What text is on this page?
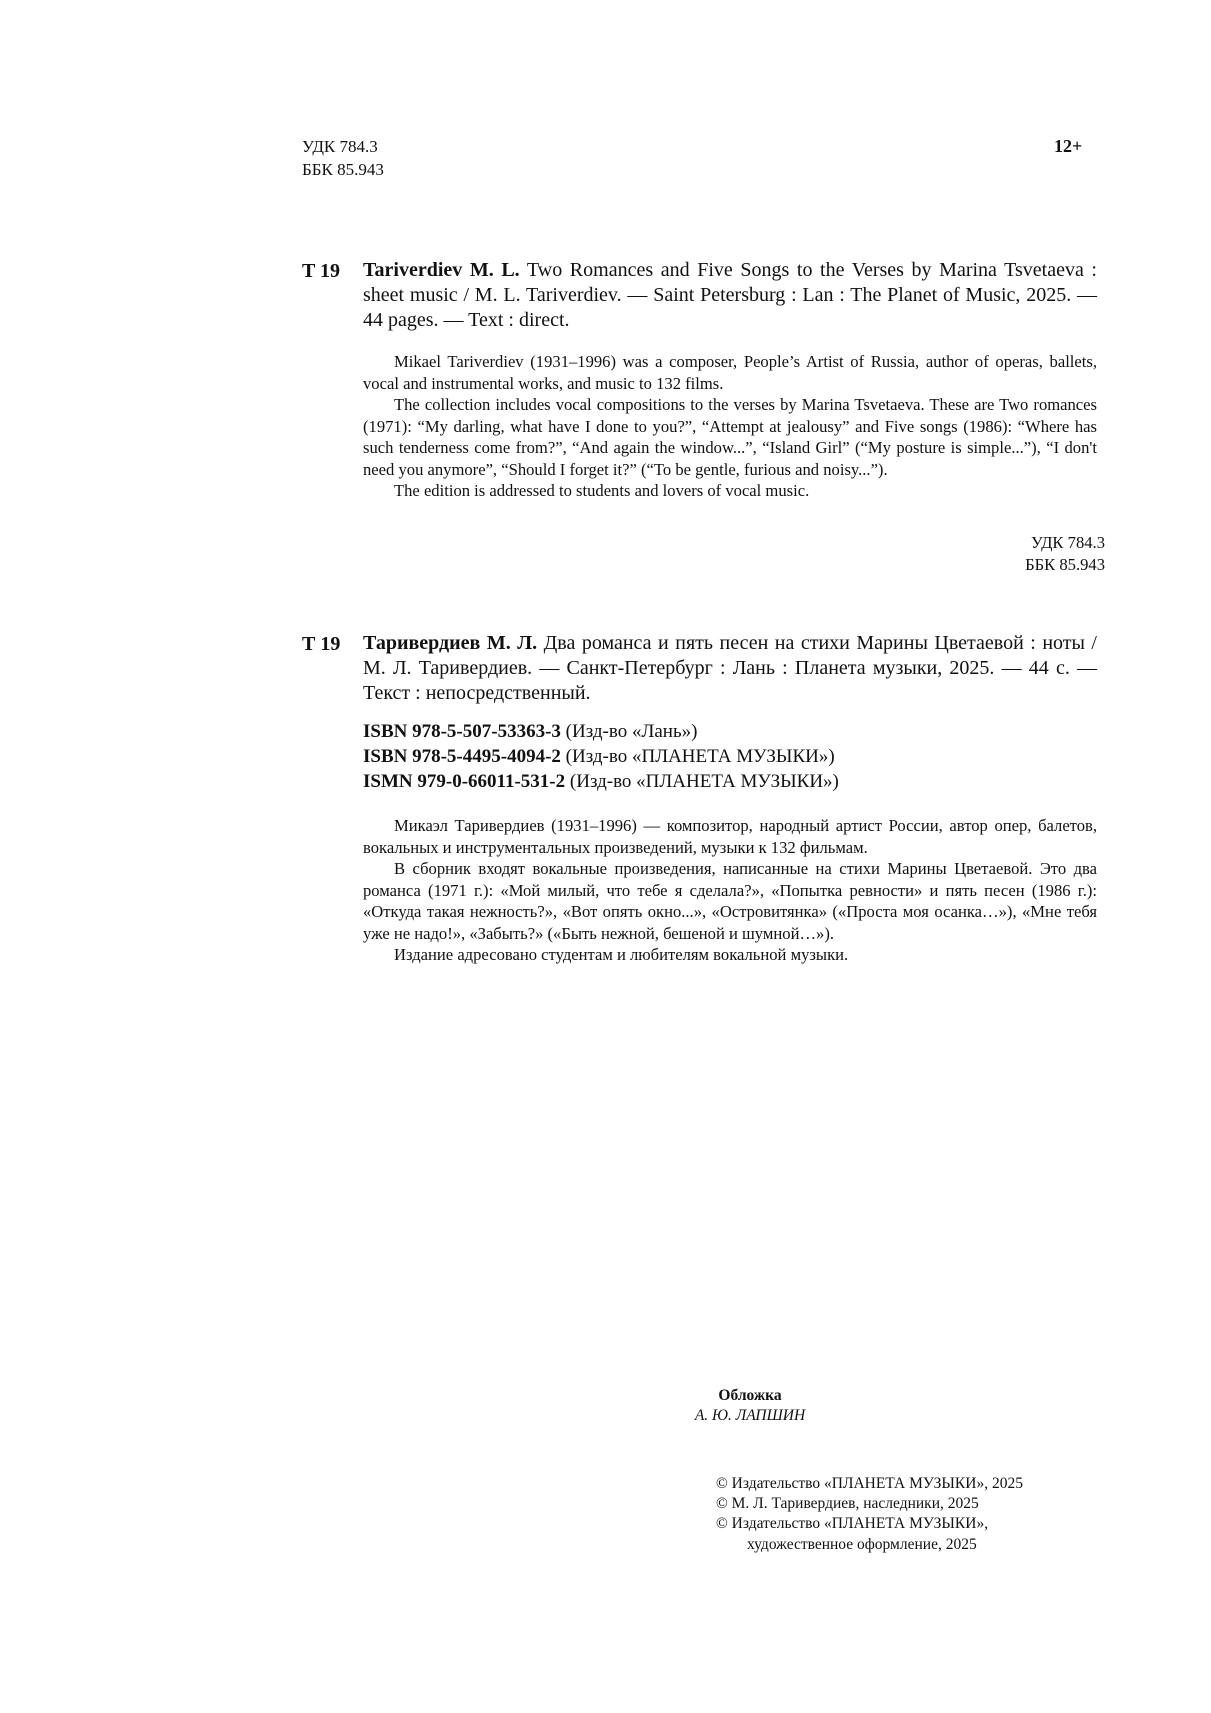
УДК 784.3
ББК 85.943
12+
T 19 Tariverdiev M. L. Two Romances and Five Songs to the Verses by Marina Tsvetaeva : sheet music / M. L. Tariverdiev. — Saint Petersburg : Lan : The Planet of Music, 2025. — 44 pages. — Text : direct.

Mikael Tariverdiev (1931–1996) was a composer, People’s Artist of Russia, author of operas, ballets, vocal and instrumental works, and music to 132 films.

The collection includes vocal compositions to the verses by Marina Tsvetaeva. These are Two romances (1971): “My darling, what have I done to you?”, “Attempt at jealousy” and Five songs (1986): “Where has such tenderness come from?”, “And again the window...”, “Island Girl” (“My posture is simple...”), “I don't need you anymore”, “Should I forget it?” (“To be gentle, furious and noisy...”).

The edition is addressed to students and lovers of vocal music.

УДК 784.3
ББК 85.943
Т 19 Таривердиев М. Л. Два романса и пять песен на стихи Марины Цветаевой : ноты / М. Л. Таривердиев. — Санкт-Петербург : Лань : Планета музыки, 2025. — 44 с. — Текст : непосредственный.
ISBN 978-5-507-53363-3 (Изд-во «Лань»)
ISBN 978-5-4495-4094-2 (Изд-во «ПЛАНЕТА МУЗЫКИ»)
ISMN 979-0-66011-531-2 (Изд-во «ПЛАНЕТА МУЗЫКИ»)

Микаэл Таривердиев (1931–1996) — композитор, народный артист России, автор опер, балетов, вокальных и инструментальных произведений, музыки к 132 фильмам.

В сборник входят вокальные произведения, написанные на стихи Марины Цветаевой. Это два романса (1971 г.): «Мой милый, что тебе я сделала?», «Попытка ревности» и пять песен (1986 г.): «Откуда такая нежность?», «Вот опять окно...», «Островитянка» («Проста моя осанка…»), «Мне тебя уже не надо!», «Забыть?» («Быть нежной, бешеной и шумной…»).

Издание адресовано студентам и любителям вокальной музыки.

Обложка
А. Ю. ЛАПШИН
© Издательство «ПЛАНЕТА МУЗЫКИ», 2025
© М. Л. Таривердиев, наследники, 2025
© Издательство «ПЛАНЕТА МУЗЫКИ»,
художественное оформление, 2025
